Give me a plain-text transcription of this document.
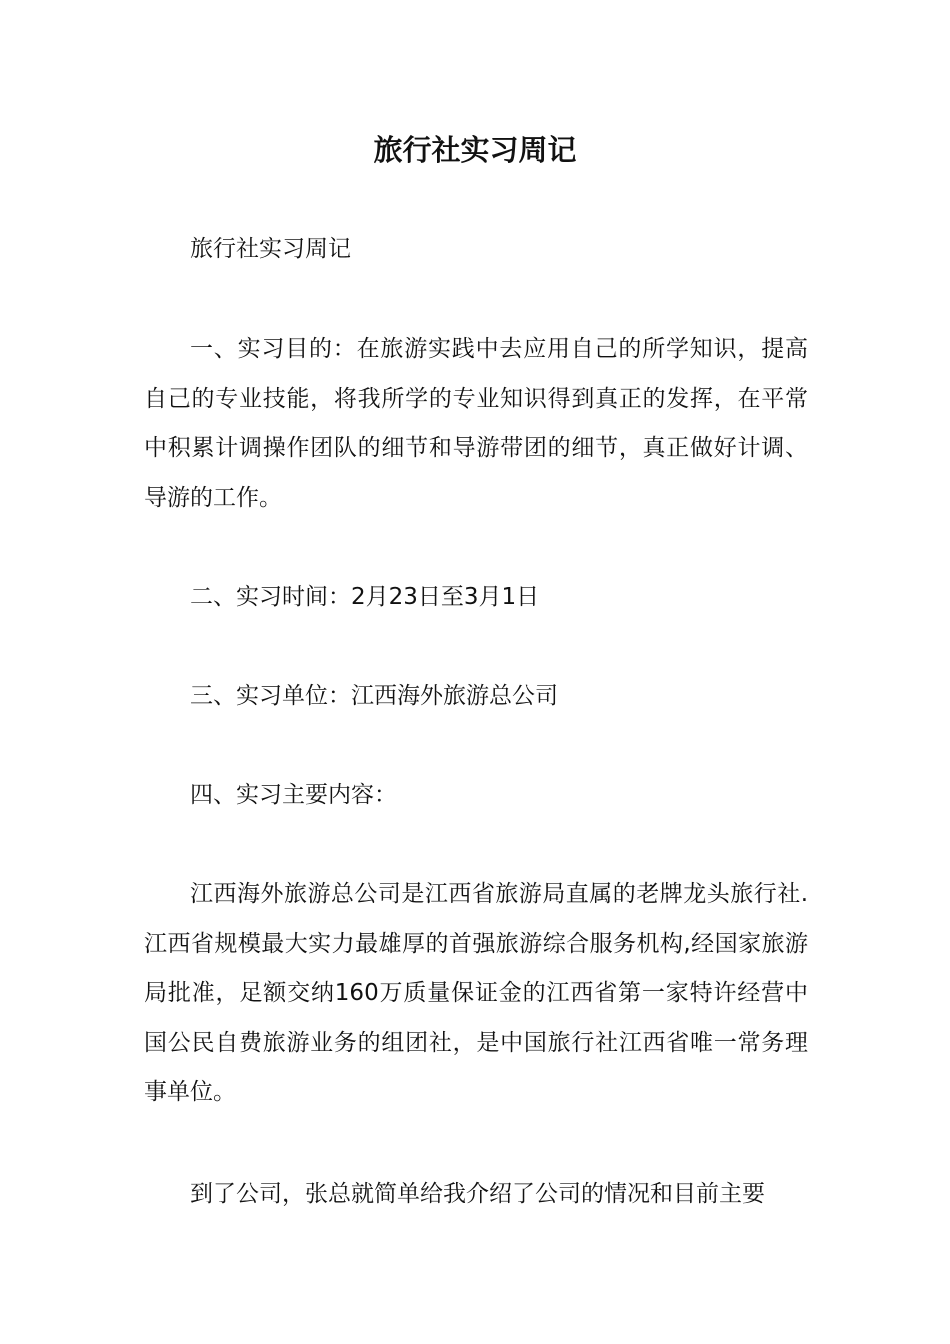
旅行社实习周记

旅行社实习周记

一、实习目的：在旅游实践中去应用自己的所学知识，提高自己的专业技能，将我所学的专业知识得到真正的发挥，在平常中积累计调操作团队的细节和导游带团的细节，真正做好计调、导游的工作。

二、实习时间：2月23日至3月1日

三、实习单位：江西海外旅游总公司

四、实习主要内容：

江西海外旅游总公司是江西省旅游局直属的老牌龙头旅行社.江西省规模最大实力最雄厚的首强旅游综合服务机构,经国家旅游局批准，足额交纳160万质量保证金的江西省第一家特许经营中国公民自费旅游业务的组团社，是中国旅行社江西省唯一常务理事单位。

到了公司，张总就简单给我介绍了公司的情况和目前主要
